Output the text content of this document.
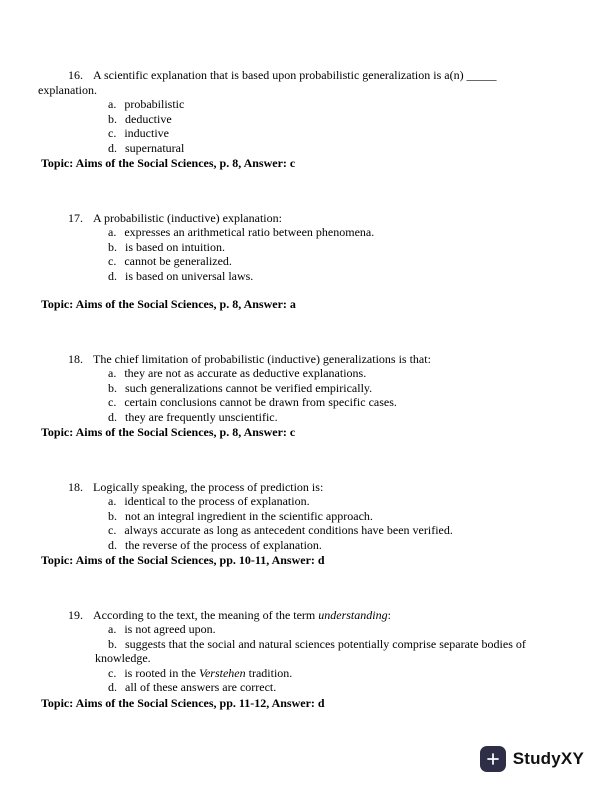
16. A scientific explanation that is based upon probabilistic generalization is a(n) _____
explanation.
a. probabilistic
b. deductive
c. inductive
d. supernatural
Topic: Aims of the Social Sciences, p. 8, Answer: c
17. A probabilistic (inductive) explanation:
a. expresses an arithmetical ratio between phenomena.
b. is based on intuition.
c. cannot be generalized.
d. is based on universal laws.
Topic: Aims of the Social Sciences, p. 8, Answer: a
18. The chief limitation of probabilistic (inductive) generalizations is that:
a. they are not as accurate as deductive explanations.
b. such generalizations cannot be verified empirically.
c. certain conclusions cannot be drawn from specific cases.
d. they are frequently unscientific.
Topic: Aims of the Social Sciences, p. 8, Answer: c
18. Logically speaking, the process of prediction is:
a. identical to the process of explanation.
b. not an integral ingredient in the scientific approach.
c. always accurate as long as antecedent conditions have been verified.
d. the reverse of the process of explanation.
Topic: Aims of the Social Sciences, pp. 10-11, Answer: d
19. According to the text, the meaning of the term understanding:
a. is not agreed upon.
b. suggests that the social and natural sciences potentially comprise separate bodies of
knowledge.
c. is rooted in the Verstehen tradition.
d. all of these answers are correct.
Topic: Aims of the Social Sciences, pp. 11-12, Answer: d
StudyXY
